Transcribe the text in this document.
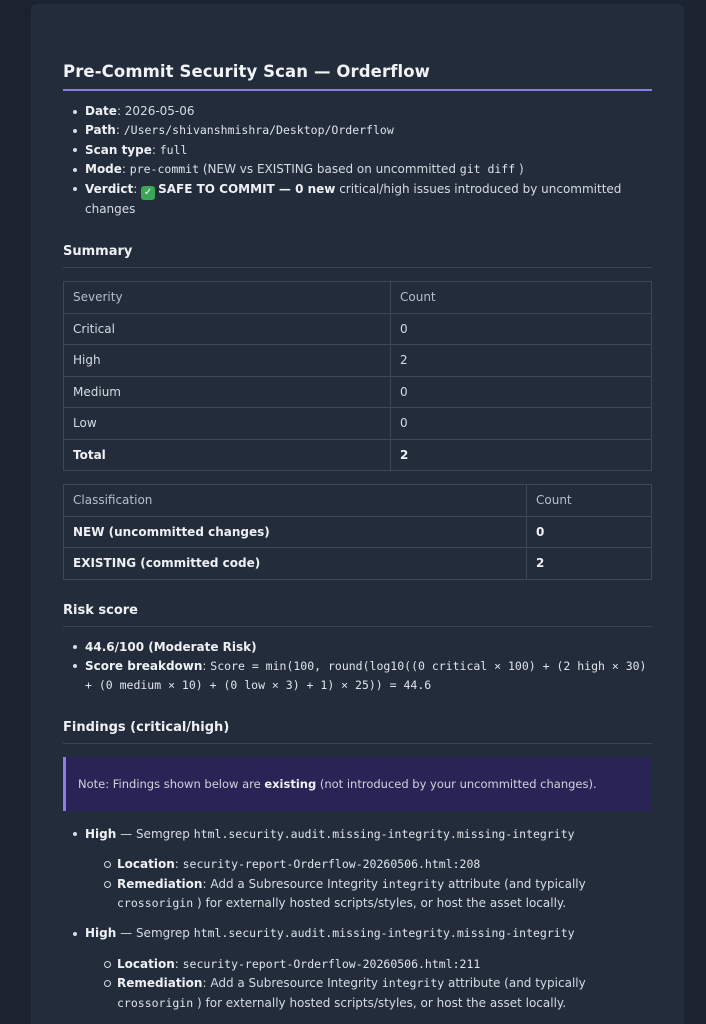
Pre-Commit Security Scan — Orderflow
Date: 2026-05-06
Path: /Users/shivanshmishra/Desktop/Orderflow
Scan type: full
Mode: pre-commit (NEW vs EXISTING based on uncommitted git diff )
Verdict: ✓ SAFE TO COMMIT — 0 new critical/high issues introduced by uncommitted changes
Summary
Severity	Count
Critical	0
High	2
Medium	0
Low	0
Total	2
Classification	Count
NEW (uncommitted changes)	0
EXISTING (committed code)	2
Risk score
44.6/100 (Moderate Risk)
Score breakdown: Score = min(100, round(log10((0 critical × 100) + (2 high × 30) + (0 medium × 10) + (0 low × 3) + 1) × 25)) = 44.6
Findings (critical/high)
Note: Findings shown below are existing (not introduced by your uncommitted changes).
High — Semgrep html.security.audit.missing-integrity.missing-integrity
Location: security-report-Orderflow-20260506.html:208
Remediation: Add a Subresource Integrity integrity attribute (and typically crossorigin ) for externally hosted scripts/styles, or host the asset locally.
High — Semgrep html.security.audit.missing-integrity.missing-integrity
Location: security-report-Orderflow-20260506.html:211
Remediation: Add a Subresource Integrity integrity attribute (and typically crossorigin ) for externally hosted scripts/styles, or host the asset locally.
